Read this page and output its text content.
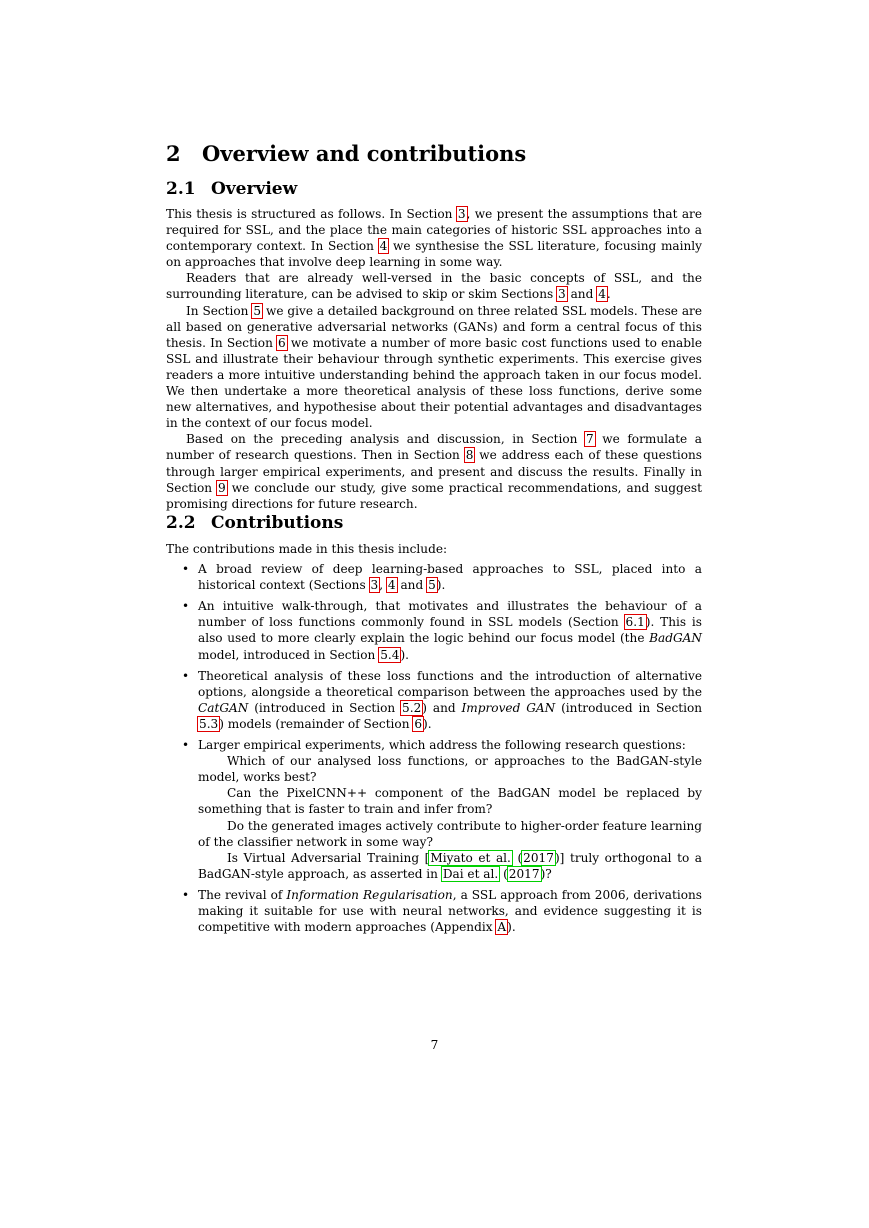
2 Overview and contributions
2.1 Overview

This thesis is structured as follows. In Section 3, we present the assumptions that are required for SSL, and the place the main categories of historic SSL approaches into a contemporary context. In Section 4 we synthesise the SSL literature, focusing mainly on approaches that involve deep learning in some way.

Readers that are already well-versed in the basic concepts of SSL, and the surrounding literature, can be advised to skip or skim Sections 3 and 4.

In Section 5 we give a detailed background on three related SSL models. These are all based on generative adversarial networks (GANs) and form a central focus of this thesis. In Section 6 we motivate a number of more basic cost functions used to enable SSL and illustrate their behaviour through synthetic experiments. This exercise gives readers a more intuitive understanding behind the approach taken in our focus model. We then undertake a more theoretical analysis of these loss functions, derive some new alternatives, and hypothesise about their potential advantages and disadvantages in the context of our focus model.

Based on the preceding analysis and discussion, in Section 7 we formulate a number of research questions. Then in Section 8 we address each of these questions through larger empirical experiments, and present and discuss the results. Finally in Section 9 we conclude our study, give some practical recommendations, and suggest promising directions for future research.

2.2 Contributions

The contributions made in this thesis include:

• A broad review of deep learning-based approaches to SSL, placed into a historical context (Sections 3, 4 and 5).
• An intuitive walk-through, that motivates and illustrates the behaviour of a number of loss functions commonly found in SSL models (Section 6.1). This is also used to more clearly explain the logic behind our focus model (the BadGAN model, introduced in Section 5.4).
• Theoretical analysis of these loss functions and the introduction of alternative options, alongside a theoretical comparison between the approaches used by the CatGAN (introduced in Section 5.2) and Improved GAN (introduced in Section 5.3) models (remainder of Section 6).

• Larger empirical experiments, which address the following research questions:

Which of our analysed loss functions, or approaches to the BadGAN-style model, works best?

Can the PixelCNN++ component of the BadGAN model be replaced by something that is faster to train and infer from?

Do the generated images actively contribute to higher-order feature learning of the classifier network in some way?

Is Virtual Adversarial Training [Miyato et al. (2017)] truly orthogonal to a BadGAN-style approach, as asserted in Dai et al. (2017)?

• The revival of Information Regularisation, a SSL approach from 2006, derivations making it suitable for use with neural networks, and evidence suggesting it is competitive with modern approaches (Appendix A).
7
